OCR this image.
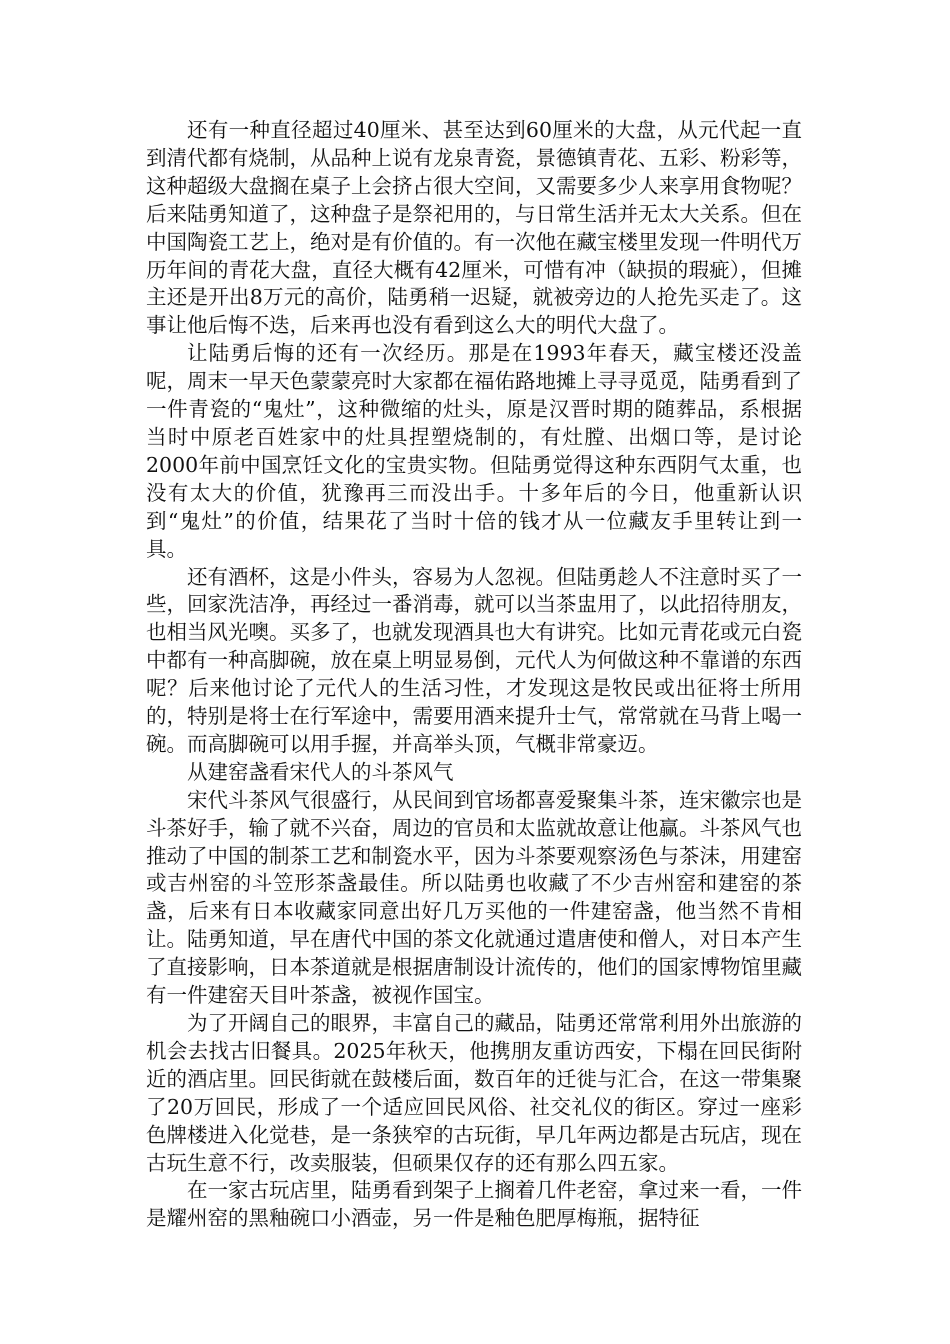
还有一种直径超过40厘米、甚至达到60厘米的大盘，从元代起一直到清代都有烧制，从品种上说有龙泉青瓷，景德镇青花、五彩、粉彩等，这种超级大盘搁在桌子上会挤占很大空间，又需要多少人来享用食物呢？后来陆勇知道了，这种盘子是祭祀用的，与日常生活并无太大关系。但在中国陶瓷工艺上，绝对是有价值的。有一次他在藏宝楼里发现一件明代万历年间的青花大盘，直径大概有42厘米，可惜有冲（缺损的瑕疵），但摊主还是开出8万元的高价，陆勇稍一迟疑，就被旁边的人抢先买走了。这事让他后悔不迭，后来再也没有看到这么大的明代大盘了。

让陆勇后悔的还有一次经历。那是在1993年春天，藏宝楼还没盖呢，周末一早天色蒙蒙亮时大家都在福佑路地摊上寻寻觅觅，陆勇看到了一件青瓷的“鬼灶”，这种微缩的灶头，原是汉晋时期的随葬品，系根据当时中原老百姓家中的灶具捏塑烧制的，有灶膛、出烟口等，是讨论2000年前中国烹饪文化的宝贵实物。但陆勇觉得这种东西阴气太重，也没有太大的价值，犹豫再三而没出手。十多年后的今日，他重新认识到“鬼灶”的价值，结果花了当时十倍的钱才从一位藏友手里转让到一具。

还有酒杯，这是小件头，容易为人忽视。但陆勇趁人不注意时买了一些，回家洗洁净，再经过一番消毒，就可以当茶盅用了，以此招待朋友，也相当风光噢。买多了，也就发现酒具也大有讲究。比如元青花或元白瓷中都有一种高脚碗，放在桌上明显易倒，元代人为何做这种不靠谱的东西呢？后来他讨论了元代人的生活习性，才发现这是牧民或出征将士所用的，特别是将士在行军途中，需要用酒来提升士气，常常就在马背上喝一碗。而高脚碗可以用手握，并高举头顶，气概非常豪迈。

从建窑盏看宋代人的斗茶风气

宋代斗茶风气很盛行，从民间到官场都喜爱聚集斗茶，连宋徽宗也是斗茶好手，输了就不兴奋，周边的官员和太监就故意让他赢。斗茶风气也推动了中国的制茶工艺和制瓷水平，因为斗茶要观察汤色与茶沫，用建窑或吉州窑的斗笠形茶盏最佳。所以陆勇也收藏了不少吉州窑和建窑的茶盏，后来有日本收藏家同意出好几万买他的一件建窑盏，他当然不肯相让。陆勇知道，早在唐代中国的茶文化就通过遣唐使和僧人，对日本产生了直接影响，日本茶道就是根据唐制设计流传的，他们的国家博物馆里藏有一件建窑天目叶茶盏，被视作国宝。

为了开阔自己的眼界，丰富自己的藏品，陆勇还常常利用外出旅游的机会去找古旧餐具。2025年秋天，他携朋友重访西安，下榻在回民街附近的酒店里。回民街就在鼓楼后面，数百年的迁徙与汇合，在这一带集聚了20万回民，形成了一个适应回民风俗、社交礼仪的街区。穿过一座彩色牌楼进入化觉巷，是一条狭窄的古玩街，早几年两边都是古玩店，现在古玩生意不行，改卖服装，但硕果仅存的还有那么四五家。

在一家古玩店里，陆勇看到架子上搁着几件老窑，拿过来一看，一件是耀州窑的黑釉碗口小酒壶，另一件是釉色肥厚梅瓶，据特征
